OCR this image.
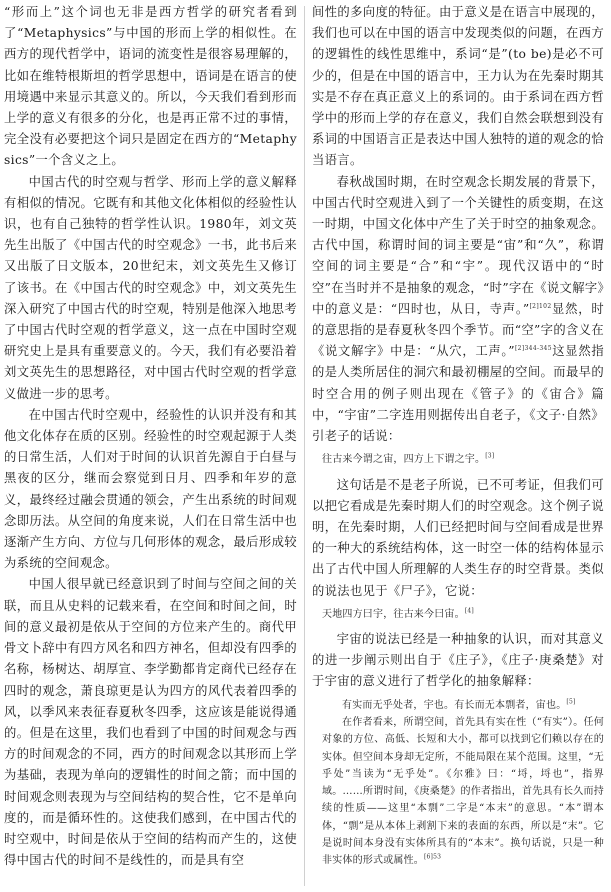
“形而上”这个词也无非是西方哲学的研究者看到了“Metaphysics”与中国的形而上学的相似性。在西方的现代哲学中，语词的流变性是很容易理解的，比如在维特根斯坦的哲学思想中，语词是在语言的使用境遇中来显示其意义的。所以，今天我们看到形而上学的意义有很多的分化，也是再正常不过的事情，完全没有必要把这个词只是固定在西方的“Metaphysics”一个含义之上。

中国古代的时空观与哲学、形而上学的意义解释有相似的情况。它既有和其他文化体相似的经验性认识，也有自己独特的哲学性认识。1980年，刘文英先生出版了《中国古代的时空观念》一书，此书后来又出版了日文版本，20世纪末，刘文英先生又修订了该书。在《中国古代的时空观念》中，刘文英先生深入研究了中国古代的时空观，特别是他深入地思考了中国古代时空观的哲学意义，这一点在中国时空观研究史上是具有重要意义的。今天，我们有必要沿着刘文英先生的思想路径，对中国古代时空观的哲学意义做进一步的思考。

在中国古代时空观中，经验性的认识并没有和其他文化体存在质的区别。经验性的时空观起源于人类的日常生活，人们对于时间的认识首先源自于白昼与黑夜的区分，继而会察觉到日月、四季和年岁的意义，最终经过融会贯通的领会，产生出系统的时间观念即历法。从空间的角度来说，人们在日常生活中也逐渐产生方向、方位与几何形体的观念，最后形成较为系统的空间观念。

中国人很早就已经意识到了时间与空间之间的关联，而且从史料的记载来看，在空间和时间之间，时间的意义最初是依从于空间的方位来产生的。商代甲骨文卜辞中有四方风名和四方神名，但却没有四季的名称，杨树达、胡厚宣、李学勤都肯定商代已经存在四时的观念，萧良琼更是认为四方的风代表着四季的风，以季风来表征春夏秋冬四季，这应该是能说得通的。但是在这里，我们也看到了中国的时间观念与西方的时间观念的不同，西方的时间观念以其形而上学为基础，表现为单向的逻辑性的时间之箭；而中国的时间观念则表现为与空间结构的契合性，它不是单向度的，而是循环性的。这使我们感到，在中国古代的时空观中，时间是依从于空间的结构而产生的，这使得中国古代的时间不是线性的，而是具有空

间性的多向度的特征。由于意义是在语言中展现的，我们也可以在中国的语言中发现类似的问题，在西方的逻辑性的线性思维中，系词“是”(to be)是必不可少的，但是在中国的语言中，王力认为在先秦时期其实是不存在真正意义上的系词的。由于系词在西方哲学中的形而上学的存在意义，我们自然会联想到没有系词的中国语言正是表达中国人独特的道的观念的恰当语言。

春秋战国时期，在时空观念长期发展的背景下，中国古代时空观进入到了一个关键性的质变期，在这一时期，中国文化体中产生了关于时空的抽象观念。古代中国，称谓时间的词主要是“宙”和“久”，称谓空间的词主要是“合”和“宇”。现代汉语中的“时空”在当时并不是抽象的观念，“时”字在《说文解字》中的意义是：“四时也，从日，寺声。”$^{[2]102}$显然，时的意思指的是春夏秋冬四个季节。而“空”字的含义在《说文解字》中是：“从穴，工声。”$^{[2]344-345}$这显然指的是人类所居住的洞穴和最初棚屋的空间。而最早的时空合用的例子则出现在《管子》的《宙合》篇中，“宇宙”二字连用则据传出自老子，《文子·自然》引老子的话说：

往古来今谓之宙，四方上下谓之宇。[3]

这句话是不是老子所说，已不可考证，但我们可以把它看成是先秦时期人们的时空观念。这个例子说明，在先秦时期，人们已经把时间与空间看成是世界的一种大的系统结构体，这一时空一体的结构体显示出了古代中国人所理解的人类生存的时空背景。类似的说法也见于《尸子》，它说：

天地四方曰宇，往古来今曰宙。[4]

宇宙的说法已经是一种抽象的认识，而对其意义的进一步阐示则出自于《庄子》，《庄子·庚桑楚》对于宇宙的意义进行了哲学化的抽象解释：

有实而无乎处者，宇也。有长而无本剽者，宙也。[5]

在作者看来，所谓空间，首先具有实在性（“有实”）。任何对象的方位、高低、长短和大小，都可以找到它们赖以存在的实体。但空间本身却无定所，不能局限在某个范围。这里，“无乎处”当读为“无乎处”。《尔雅》曰：“埒，埒也”，指界域。……所谓时间，《庚桑楚》的作者指出，首先具有长久而持续的性质——这里“本剽”二字是“本末”的意思。“本”谓本体，“剽”是从本体上剥割下来的表面的东西，所以是“末”。它是说时间本身没有实体所具有的“本末”。换句话说，只是一种非实体的形式或属性。$^{[6]53}$
